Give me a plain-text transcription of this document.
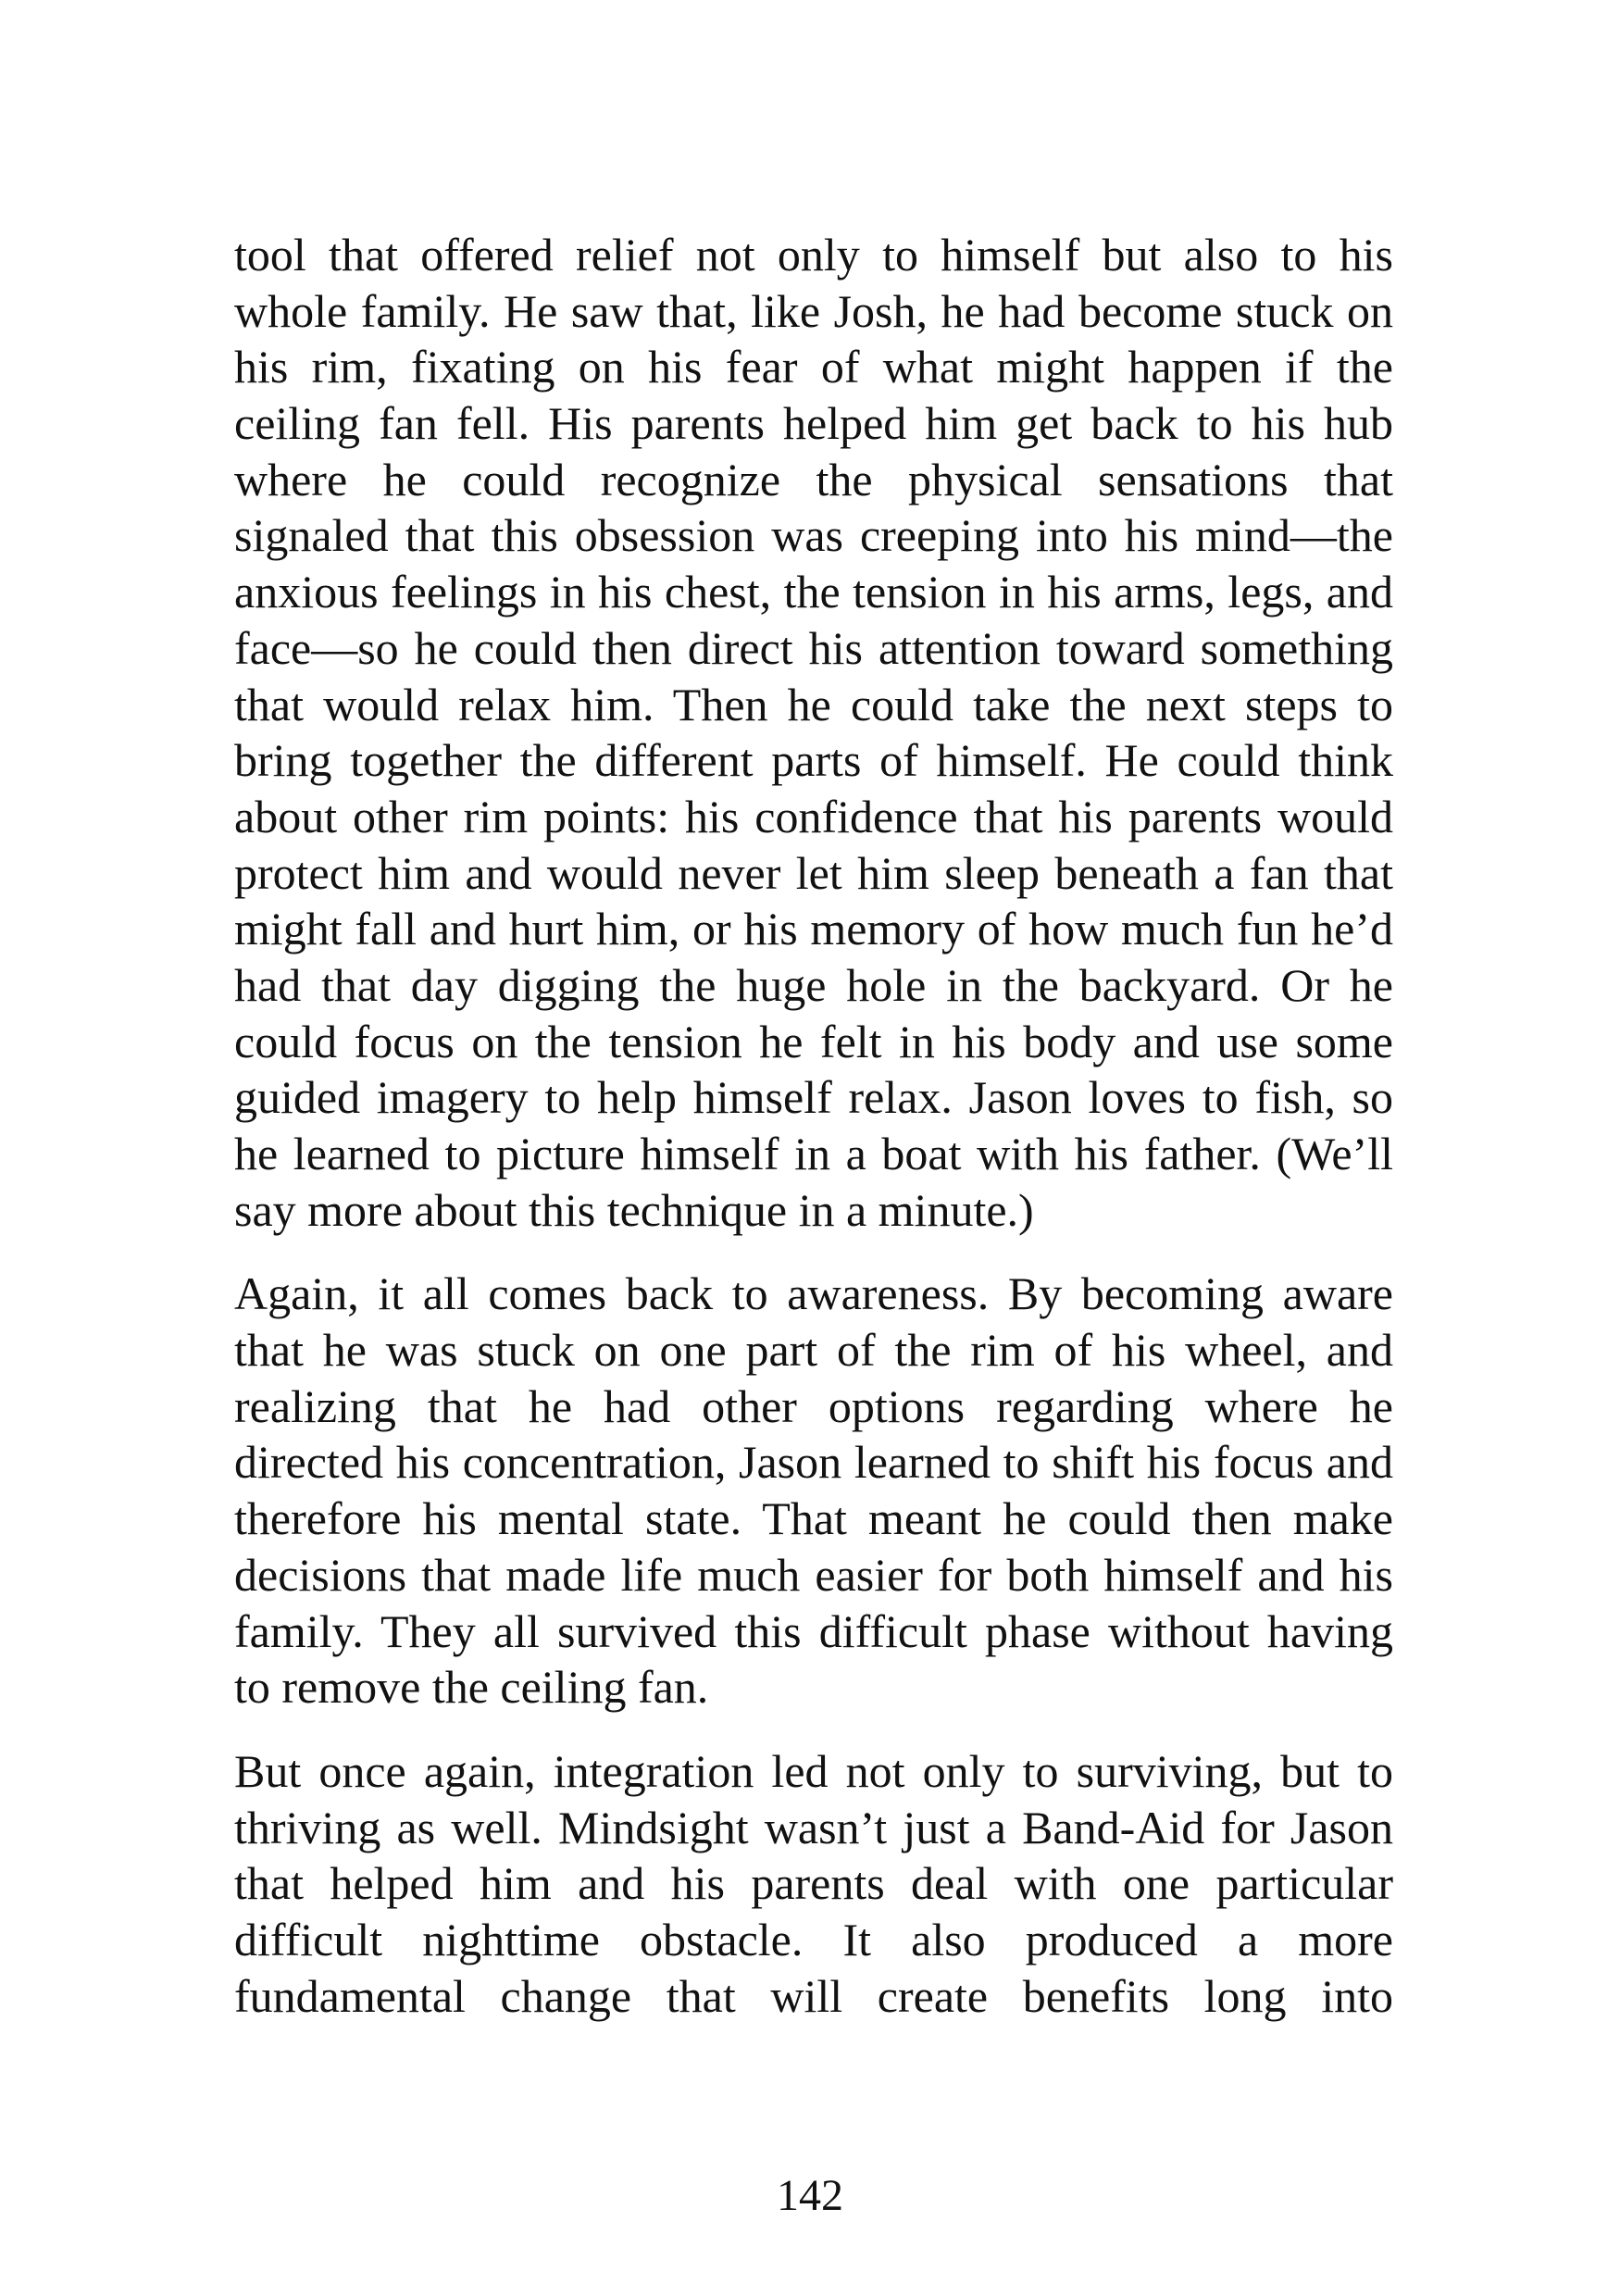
tool that offered relief not only to himself but also to his
whole family. He saw that, like Josh, he had become stuck on
his rim, fixating on his fear of what might happen if the
ceiling fan fell. His parents helped him get back to his hub
where he could recognize the physical sensations that
signaled that this obsession was creeping into his mind—the
anxious feelings in his chest, the tension in his arms, legs, and
face—so he could then direct his attention toward something
that would relax him. Then he could take the next steps to
bring together the different parts of himself. He could think
about other rim points: his confidence that his parents would
protect him and would never let him sleep beneath a fan that
might fall and hurt him, or his memory of how much fun he’d
had that day digging the huge hole in the backyard. Or he
could focus on the tension he felt in his body and use some
guided imagery to help himself relax. Jason loves to fish, so
he learned to picture himself in a boat with his father. (We’ll
say more about this technique in a minute.)

Again, it all comes back to awareness. By becoming aware
that he was stuck on one part of the rim of his wheel, and
realizing that he had other options regarding where he
directed his concentration, Jason learned to shift his focus and
therefore his mental state. That meant he could then make
decisions that made life much easier for both himself and his
family. They all survived this difficult phase without having
to remove the ceiling fan.

But once again, integration led not only to surviving, but to
thriving as well. Mindsight wasn’t just a Band-Aid for Jason
that helped him and his parents deal with one particular
difficult nighttime obstacle. It also produced a more
fundamental change that will create benefits long into

142
